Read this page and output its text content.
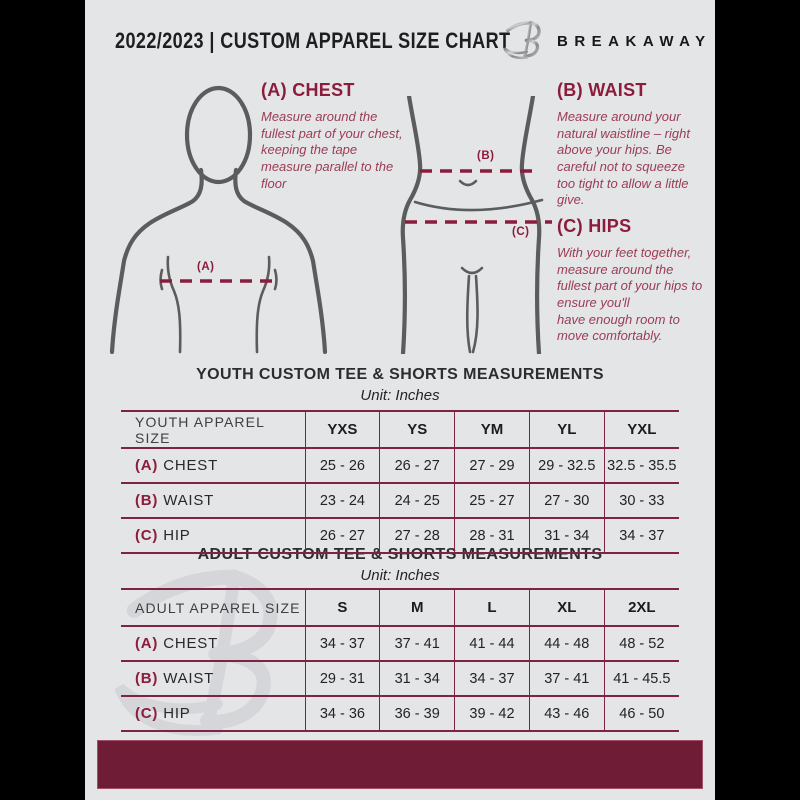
2022/2023 | CUSTOM APPAREL SIZE CHART	BREAKAWAY
(A)
(B)
(C)
(A) CHEST

Measure around the fullest part of your chest, keeping the tape measure parallel to the floor

(B) WAIST

Measure around your natural waistline – right above your hips. Be careful not to squeeze too tight to allow a little give.

(C) HIPS

With your feet together, measure around the fullest part of your hips to ensure you'll
have enough room to move comfortably.

YOUTH CUSTOM TEE & SHORTS MEASUREMENTS
Unit: Inches
YOUTH APPAREL SIZE	YXS	YS	YM	YL	YXL
(A) CHEST	25 - 26	26 - 27	27 - 29	29 - 32.5	32.5 - 35.5
(B) WAIST	23 - 24	24 - 25	25 - 27	27 - 30	30 - 33
(C) HIP	26 - 27	27 - 28	28 - 31	31 - 34	34 - 37
ADULT CUSTOM TEE & SHORTS MEASUREMENTS
Unit: Inches
ADULT APPAREL SIZE	S	M	L	XL	2XL
(A) CHEST	34 - 37	37 - 41	41 - 44	44 - 48	48 - 52
(B) WAIST	29 - 31	31 - 34	34 - 37	37 - 41	41 - 45.5
(C) HIP	34 - 36	36 - 39	39 - 42	43 - 46	46 - 50
